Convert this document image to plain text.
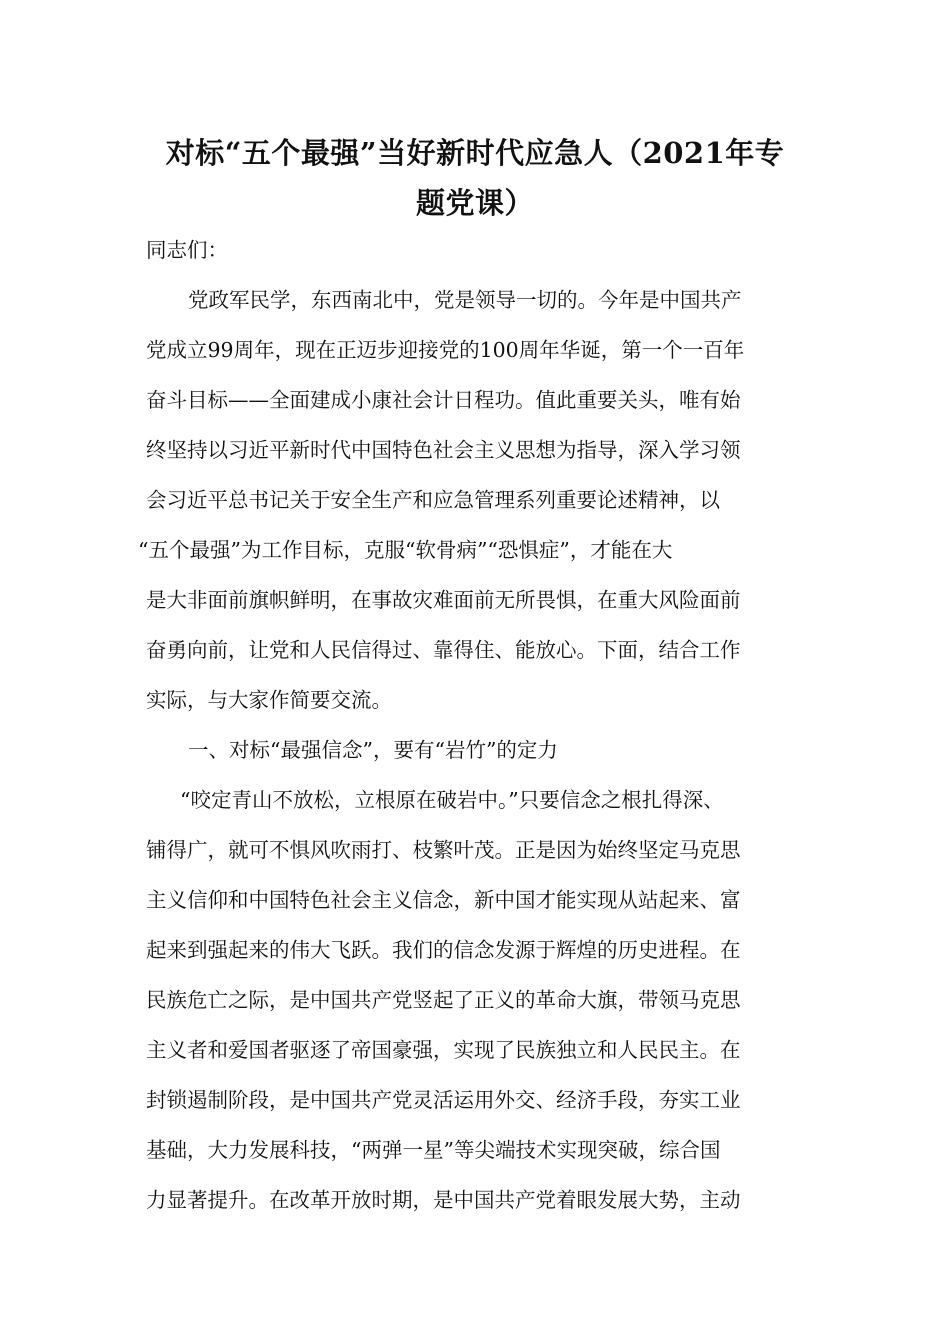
对标“五个最强”当好新时代应急人（2021年专
题党课）
同志们：
党政军民学，东西南北中，党是领导一切的。今年是中国共产
党成立99周年，现在正迈步迎接党的100周年华诞，第一个一百年
奋斗目标——全面建成小康社会计日程功。值此重要关头，唯有始
终坚持以习近平新时代中国特色社会主义思想为指导，深入学习领
会习近平总书记关于安全生产和应急管理系列重要论述精神，以
“五个最强”为工作目标，克服“软骨病”“恐惧症”，才能在大
是大非面前旗帜鲜明，在事故灾难面前无所畏惧，在重大风险面前
奋勇向前，让党和人民信得过、靠得住、能放心。下面，结合工作
实际，与大家作简要交流。
一、对标“最强信念”，要有“岩竹”的定力
“咬定青山不放松，立根原在破岩中。”只要信念之根扎得深、
铺得广，就可不惧风吹雨打、枝繁叶茂。正是因为始终坚定马克思
主义信仰和中国特色社会主义信念，新中国才能实现从站起来、富
起来到强起来的伟大飞跃。我们的信念发源于辉煌的历史进程。在
民族危亡之际，是中国共产党竖起了正义的革命大旗，带领马克思
主义者和爱国者驱逐了帝国豪强，实现了民族独立和人民民主。在
封锁遏制阶段，是中国共产党灵活运用外交、经济手段，夯实工业
基础，大力发展科技，“两弹一星”等尖端技术实现突破，综合国
力显著提升。在改革开放时期，是中国共产党着眼发展大势，主动
